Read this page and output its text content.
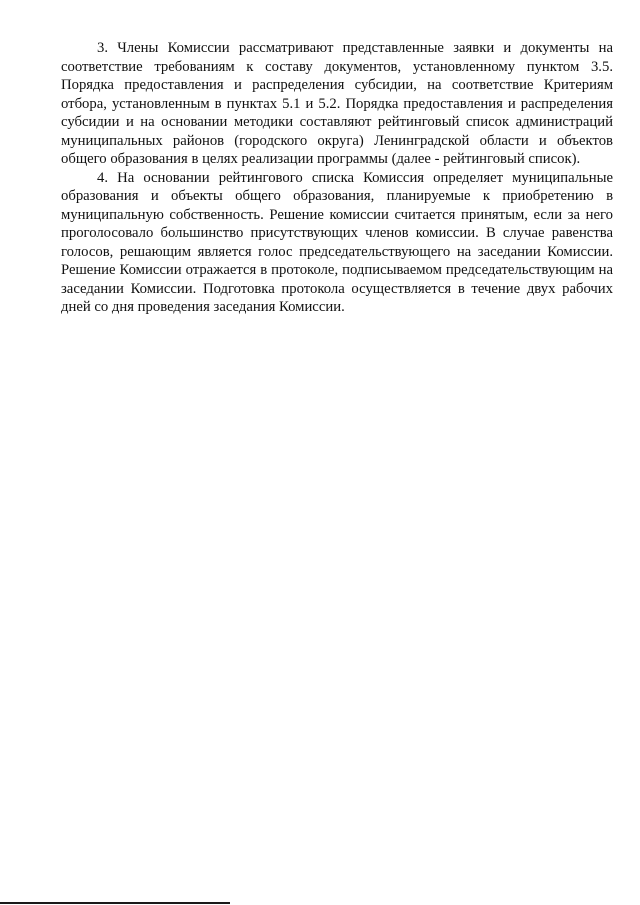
3. Члены Комиссии рассматривают представленные заявки и документы на соответствие требованиям к составу документов, установленному пунктом 3.5. Порядка предоставления и распределения субсидии, на соответствие Критериям отбора, установленным в пунктах 5.1 и 5.2. Порядка предоставления и распределения субсидии и на основании методики составляют рейтинговый список администраций муниципальных районов (городского округа) Ленинградской области и объектов общего образования в целях реализации программы (далее - рейтинговый список).

4. На основании рейтингового списка Комиссия определяет муниципальные образования и объекты общего образования, планируемые к приобретению в муниципальную собственность. Решение комиссии считается принятым, если за него проголосовало большинство присутствующих членов комиссии. В случае равенства голосов, решающим является голос председательствующего на заседании Комиссии. Решение Комиссии отражается в протоколе, подписываемом председательствующим на заседании Комиссии. Подготовка протокола осуществляется в течение двух рабочих дней со дня проведения заседания Комиссии.
